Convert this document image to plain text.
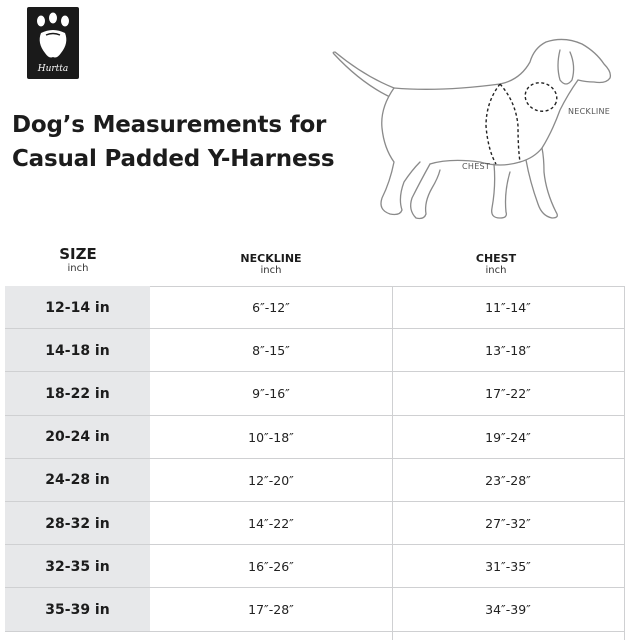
Hurtta
Dog’s Measurements for
Casual Padded Y-Harness
NECKLINE
CHEST
SIZE
inch
NECKLINE
inch
CHEST
inch
12-14 in	6″-12″	11″-14″
14-18 in	8″-15″	13″-18″
18-22 in	9″-16″	17″-22″
20-24 in	10″-18″	19″-24″
24-28 in	12″-20″	23″-28″
28-32 in	14″-22″	27″-32″
32-35 in	16″-26″	31″-35″
35-39 in	17″-28″	34″-39″
